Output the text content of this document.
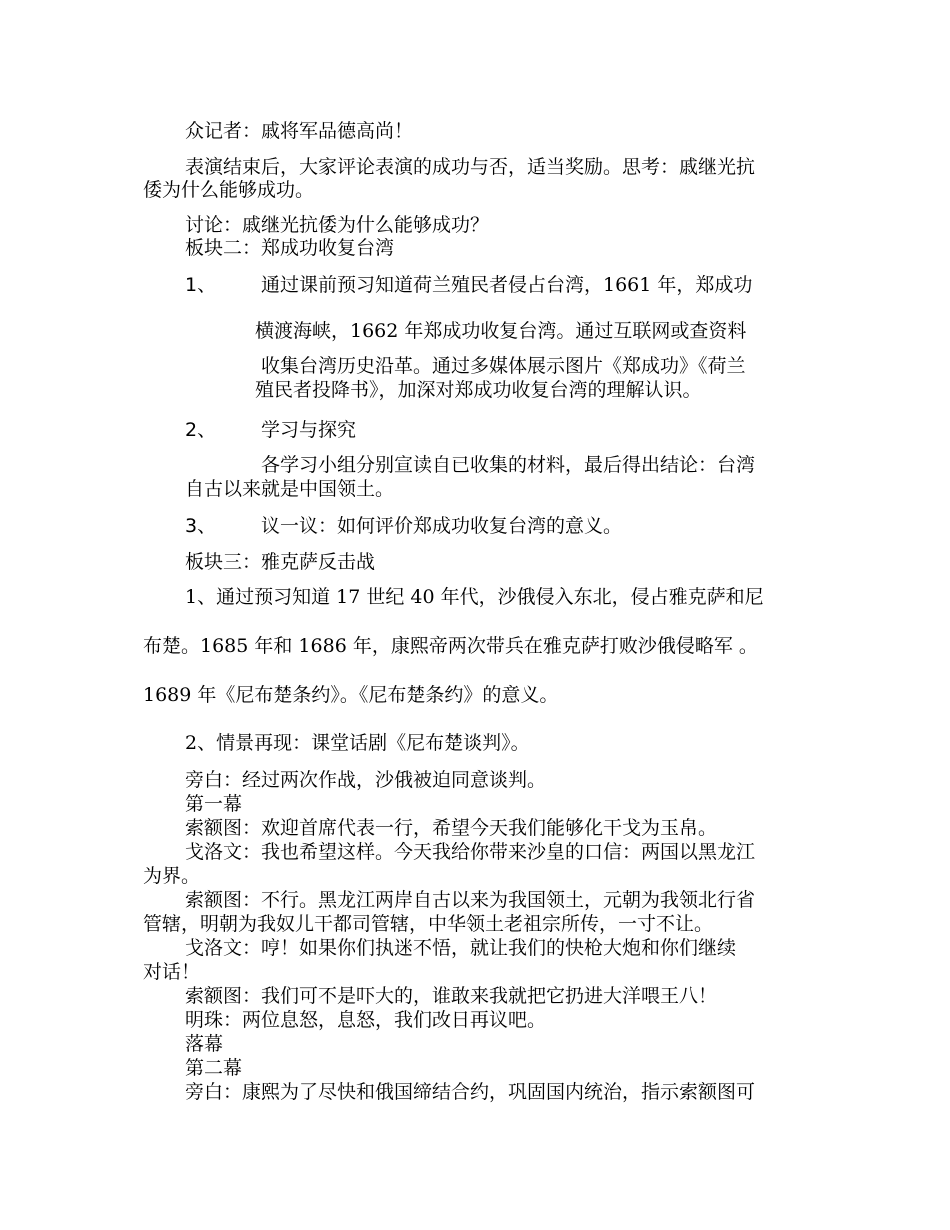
众记者：戚将军品德高尚！
表演结束后，大家评论表演的成功与否，适当奖励。思考：戚继光抗
倭为什么能够成功。
讨论：戚继光抗倭为什么能够成功？
板块二：郑成功收复台湾
1、 通过课前预习知道荷兰殖民者侵占台湾，1661 年，郑成功
横渡海峡，1662 年郑成功收复台湾。通过互联网或查资料
收集台湾历史沿革。通过多媒体展示图片《郑成功》《荷兰
殖民者投降书》，加深对郑成功收复台湾的理解认识。
2、 学习与探究
各学习小组分别宣读自已收集的材料，最后得出结论：台湾
自古以来就是中国领土。
3、 议一议：如何评价郑成功收复台湾的意义。
板块三：雅克萨反击战
1、通过预习知道 17 世纪 40 年代，沙俄侵入东北，侵占雅克萨和尼
布楚。1685 年和 1686 年，康熙帝两次带兵在雅克萨打败沙俄侵略军 。
1689 年《尼布楚条约》。《尼布楚条约》的意义。
2、情景再现：课堂话剧《尼布楚谈判》。
旁白：经过两次作战，沙俄被迫同意谈判。
第一幕
索额图：欢迎首席代表一行，希望今天我们能够化干戈为玉帛。
戈洛文：我也希望这样。今天我给你带来沙皇的口信：两国以黑龙江
为界。
索额图：不行。黑龙江两岸自古以来为我国领土，元朝为我领北行省
管辖，明朝为我奴儿干都司管辖，中华领土老祖宗所传，一寸不让。
戈洛文：哼！如果你们执迷不悟，就让我们的快枪大炮和你们继续
对话！
索额图：我们可不是吓大的，谁敢来我就把它扔进大洋喂王八！
明珠：两位息怒，息怒，我们改日再议吧。
落幕
第二幕
旁白：康熙为了尽快和俄国缔结合约，巩固国内统治，指示索额图可
